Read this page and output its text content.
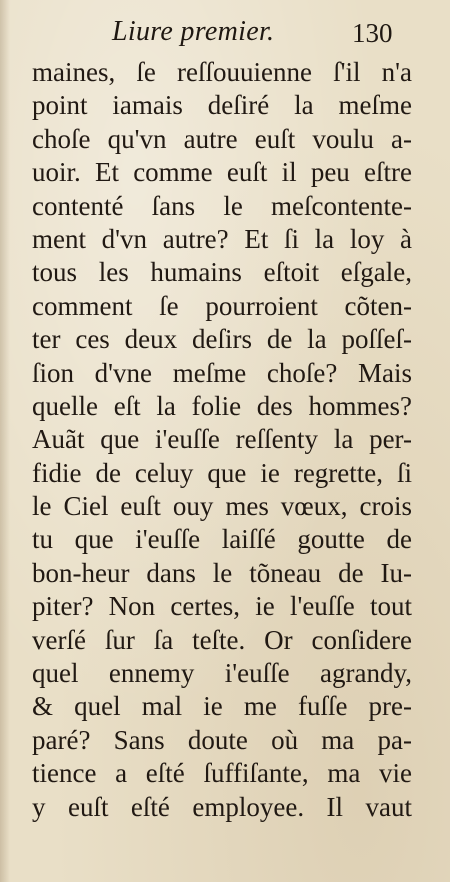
Liure premier.	130
maines, ſe reſſouuienne ſ'il n'a
point iamais deſiré la meſme
choſe qu'vn autre euſt voulu a-
uoir. Et comme euſt il peu eſtre
contenté ſans le meſcontente-
ment d'vn autre? Et ſi la loy à
tous les humains eſtoit eſgale,
comment ſe pourroient cõten-
ter ces deux deſirs de la poſſeſ-
ſion d'vne meſme choſe? Mais
quelle eſt la folie des hommes?
Auãt que i'euſſe reſſenty la per-
fidie de celuy que ie regrette, ſi
le Ciel euſt ouy mes vœux, crois
tu que i'euſſe laiſſé goutte de
bon-heur dans le tõneau de Iu-
piter? Non certes, ie l'euſſe tout
verſé ſur ſa teſte. Or conſidere
quel ennemy i'euſſe agrandy,
& quel mal ie me fuſſe pre-
paré? Sans doute où ma pa-
tience a eſté ſuffiſante, ma vie
y euſt eſté employee. Il vaut
